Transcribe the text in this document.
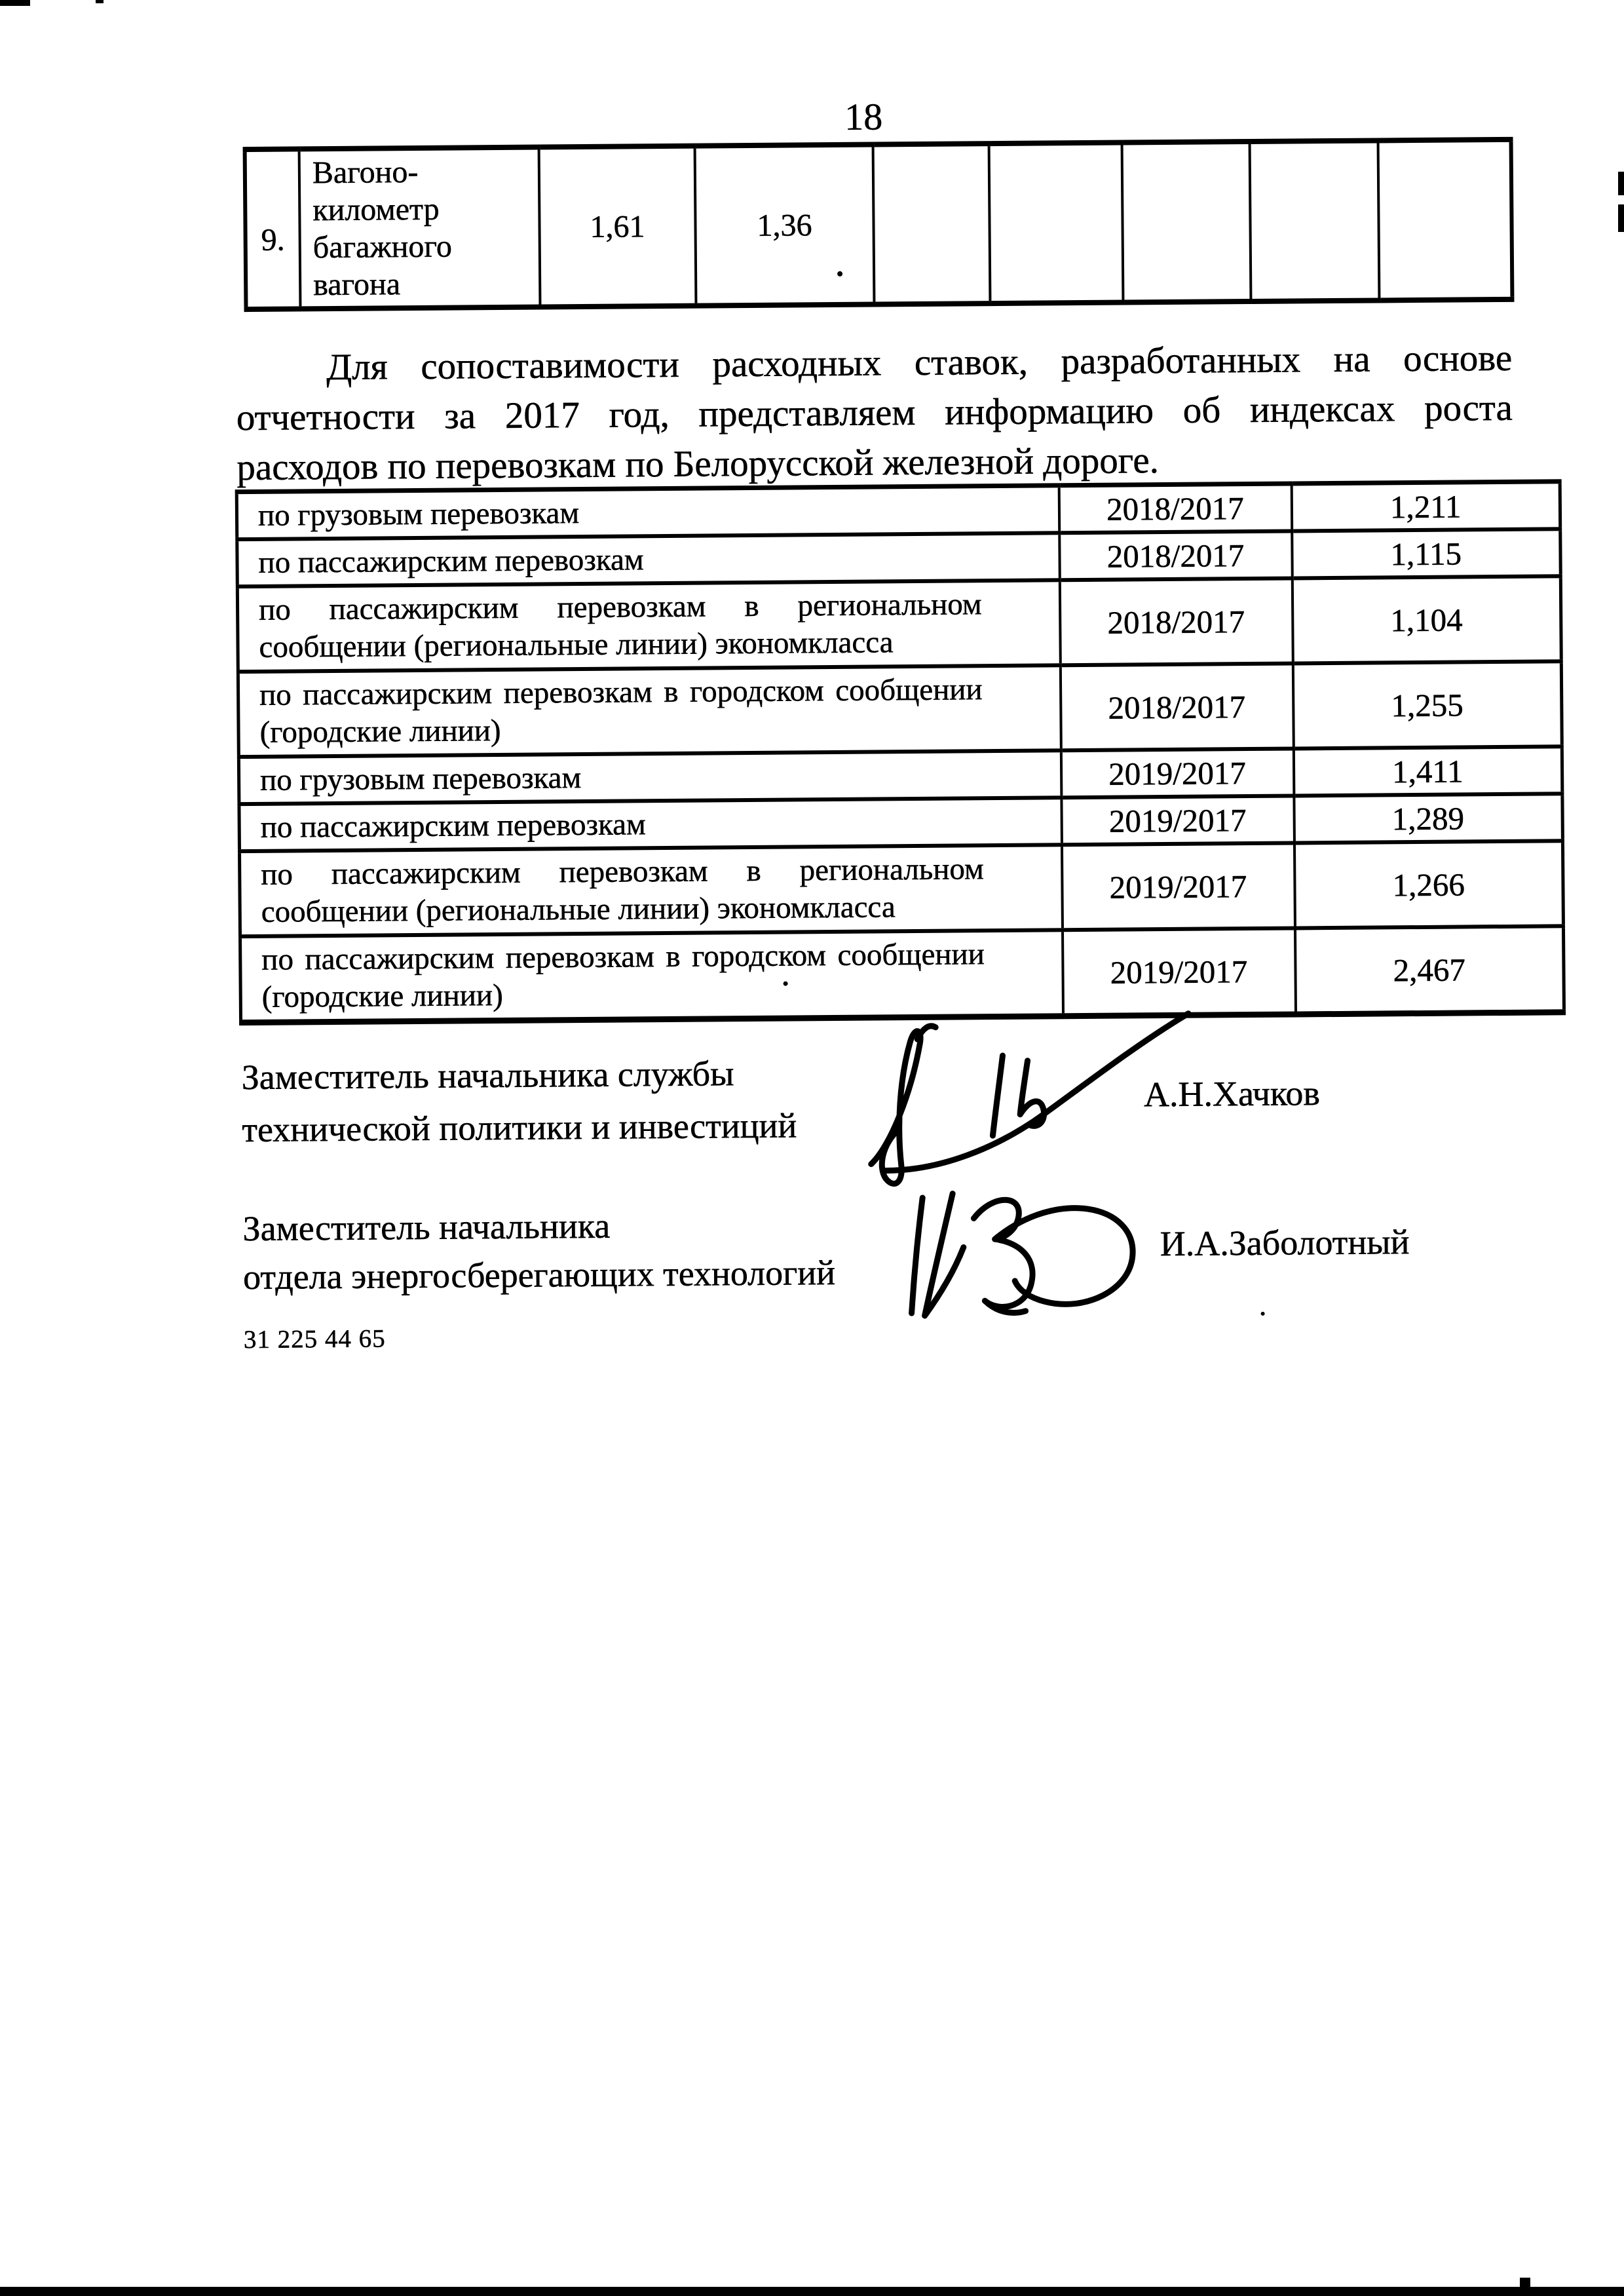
18
9.	Вагоно-километр багажного вагона	1,61	1,36					
Для сопоставимости расходных ставок, разработанных на основе
отчетности за 2017 год, представляем информацию об индексах роста
расходов по перевозкам по Белорусской железной дороге.
по грузовым перевозкам	2018/2017	1,211

по пассажирским перевозкам	2018/2017	1,115

по пассажирским перевозкам в региональном
сообщении (региональные линии) экономкласса	2018/2017	1,104

по пассажирским перевозкам в городском сообщении
(городские линии)	2018/2017	1,255

по грузовым перевозкам	2019/2017	1,411

по пассажирским перевозкам	2019/2017	1,289

по пассажирским перевозкам в региональном
сообщении (региональные линии) экономкласса	2019/2017	1,266

по пассажирским перевозкам в городском сообщении
(городские линии)	2019/2017	2,467
Заместитель начальника службы
технической политики и инвестиций
А.Н.Хачков
Заместитель начальника
отдела энергосберегающих технологий
И.А.Заболотный
31 225 44 65
